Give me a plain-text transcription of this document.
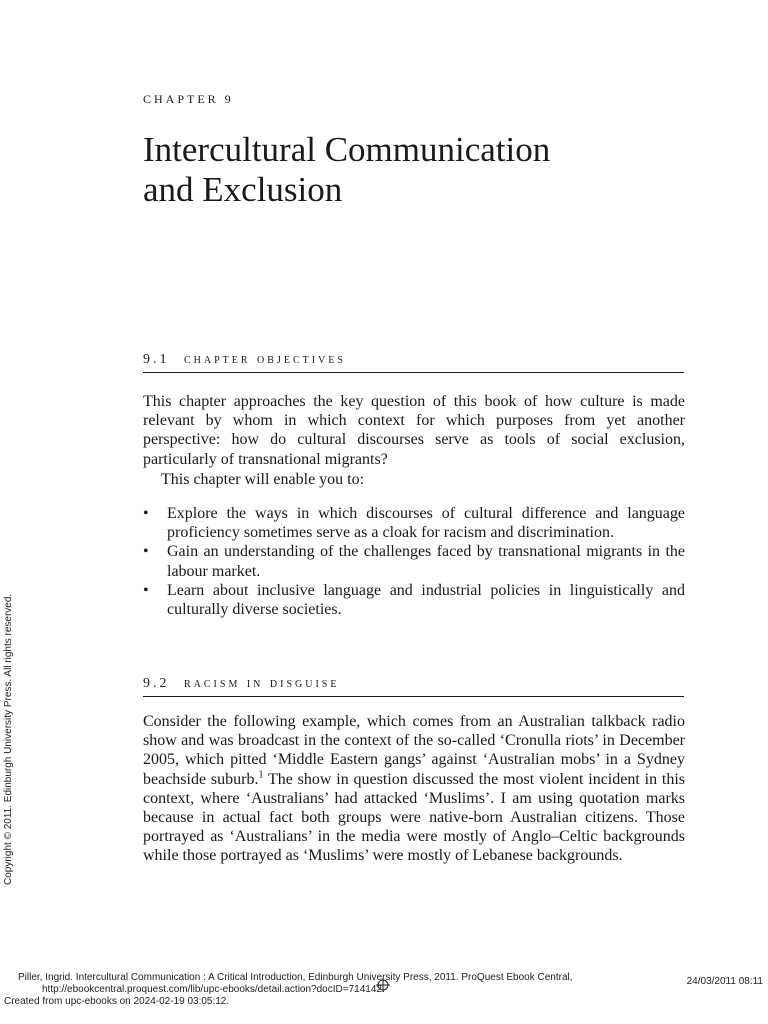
CHAPTER 9
Intercultural Communication
and Exclusion
9.1 chapter objectives

This chapter approaches the key question of this book of how culture is made relevant by whom in which context for which purposes from yet another perspective: how do cultural discourses serve as tools of social exclusion, particularly of transnational migrants?

This chapter will enable you to:

• Explore the ways in which discourses of cultural difference and language proficiency sometimes serve as a cloak for racism and discrimination.
• Gain an understanding of the challenges faced by transnational migrants in the labour market.
• Learn about inclusive language and industrial policies in linguistically and culturally diverse societies.
9.2 racism in disguise

Consider the following example, which comes from an Australian talkback radio show and was broadcast in the context of the so-called ‘Cronulla riots’ in December 2005, which pitted ‘Middle Eastern gangs’ against ‘Australian mobs’ in a Sydney beachside suburb.$^1$ The show in question discussed the most violent incident in this context, where ‘Australians’ had attacked ‘Muslims’. I am using quotation marks because in actual fact both groups were native-born Australian citizens. Those portrayed as ‘Australians’ in the media were mostly of Anglo–Celtic backgrounds while those portrayed as ‘Muslims’ were mostly of Lebanese backgrounds.

Copyright © 2011. Edinburgh University Press. All rights reserved.
Piller, Ingrid. Intercultural Communication : A Critical Introduction, Edinburgh University Press, 2011. ProQuest Ebook Central,
http://ebookcentral.proquest.com/lib/upc-ebooks/detail.action?docID=714142.
Created from upc-ebooks on 2024-02-19 03:05:12.
24/03/2011 08:11
